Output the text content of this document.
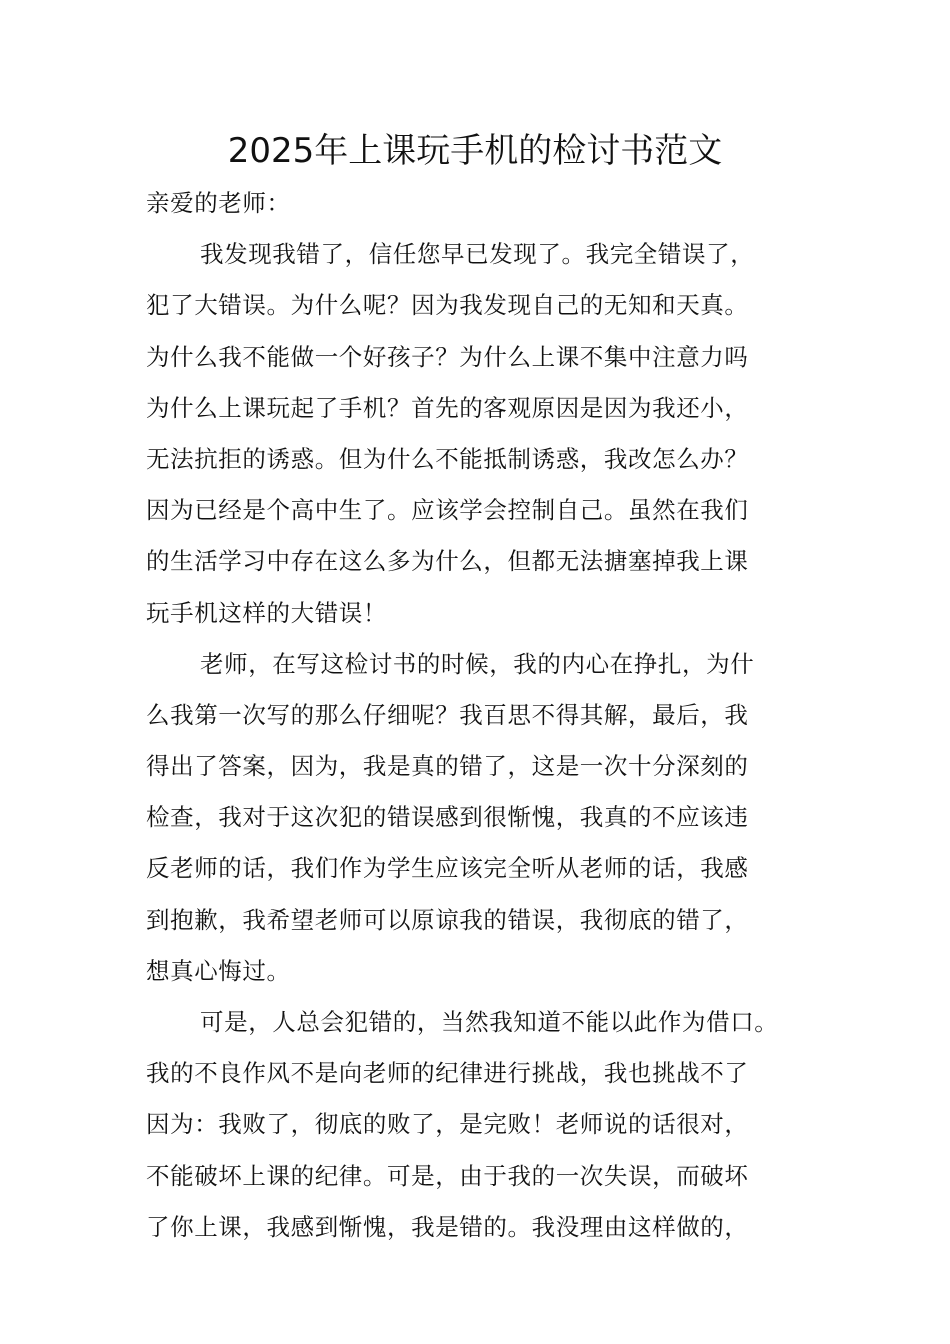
2025年上课玩手机的检讨书范文
亲爱的老师：
我发现我错了，信任您早已发现了。我完全错误了，
犯了大错误。为什么呢？因为我发现自己的无知和天真。
为什么我不能做一个好孩子？为什么上课不集中注意力吗
为什么上课玩起了手机？首先的客观原因是因为我还小，
无法抗拒的诱惑。但为什么不能抵制诱惑，我改怎么办？
因为已经是个高中生了。应该学会控制自己。虽然在我们
的生活学习中存在这么多为什么，但都无法搪塞掉我上课
玩手机这样的大错误！
老师，在写这检讨书的时候，我的内心在挣扎，为什
么我第一次写的那么仔细呢？我百思不得其解，最后，我
得出了答案，因为，我是真的错了，这是一次十分深刻的
检查，我对于这次犯的错误感到很惭愧，我真的不应该违
反老师的话，我们作为学生应该完全听从老师的话，我感
到抱歉，我希望老师可以原谅我的错误，我彻底的错了，
想真心悔过。
可是，人总会犯错的，当然我知道不能以此作为借口。
我的不良作风不是向老师的纪律进行挑战，我也挑战不了
因为：我败了，彻底的败了，是完败！老师说的话很对，
不能破坏上课的纪律。可是，由于我的一次失误，而破坏
了你上课，我感到惭愧，我是错的。我没理由这样做的，
